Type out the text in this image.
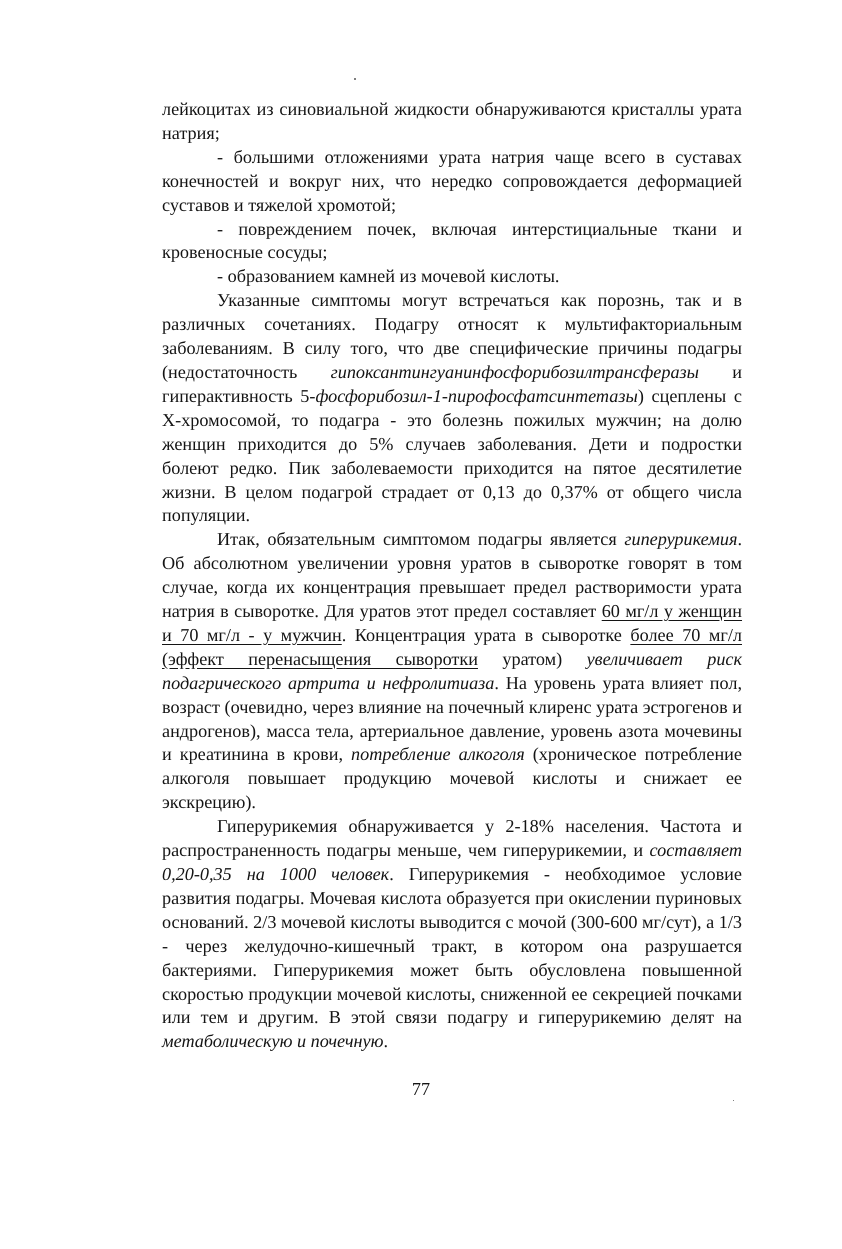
лейкоцитах из синовиальной жидкости обнаруживаются кристаллы урата натрия;

- большими отложениями урата натрия чаще всего в суставах конечностей и вокруг них, что нередко сопровождается деформацией суставов и тяжелой хромотой;

- повреждением почек, включая интерстициальные ткани и кровеносные сосуды;

- образованием камней из мочевой кислоты.

Указанные симптомы могут встречаться как порознь, так и в различных сочетаниях. Подагру относят к мультифакториальным заболеваниям. В силу того, что две специфические причины подагры (недостаточность гипоксантингуанинфосфорибозилтрансферазы и гиперактивность 5-фосфорибозил-1-пирофосфатсинтетазы) сцеплены с Х-хромосомой, то подагра - это болезнь пожилых мужчин; на долю женщин приходится до 5% случаев заболевания. Дети и подростки болеют редко. Пик заболеваемости приходится на пятое десятилетие жизни. В целом подагрой страдает от 0,13 до 0,37% от общего числа популяции.

Итак, обязательным симптомом подагры является гиперурикемия. Об абсолютном увеличении уровня уратов в сыворотке говорят в том случае, когда их концентрация превышает предел растворимости урата натрия в сыворотке. Для уратов этот предел составляет 60 мг/л у женщин и 70 мг/л - у мужчин. Концентрация урата в сыворотке более 70 мг/л (эффект перенасыщения сыворотки уратом) увеличивает риск подагрического артрита и нефролитиаза. На уровень урата влияет пол, возраст (очевидно, через влияние на почечный клиренс урата эстрогенов и андрогенов), масса тела, артериальное давление, уровень азота мочевины и креатинина в крови, потребление алкоголя (хроническое потребление алкоголя повышает продукцию мочевой кислоты и снижает ее экскрецию).

Гиперурикемия обнаруживается у 2-18% населения. Частота и распространенность подагры меньше, чем гиперурикемии, и составляет 0,20-0,35 на 1000 человек. Гиперурикемия - необходимое условие развития подагры. Мочевая кислота образуется при окислении пуриновых оснований. 2/3 мочевой кислоты выводится с мочой (300-600 мг/сут), а 1/3 - через желудочно-кишечный тракт, в котором она разрушается бактериями. Гиперурикемия может быть обусловлена повышенной скоростью продукции мочевой кислоты, сниженной ее секрецией почками или тем и другим. В этой связи подагру и гиперурикемию делят на метаболическую и почечную.

77
